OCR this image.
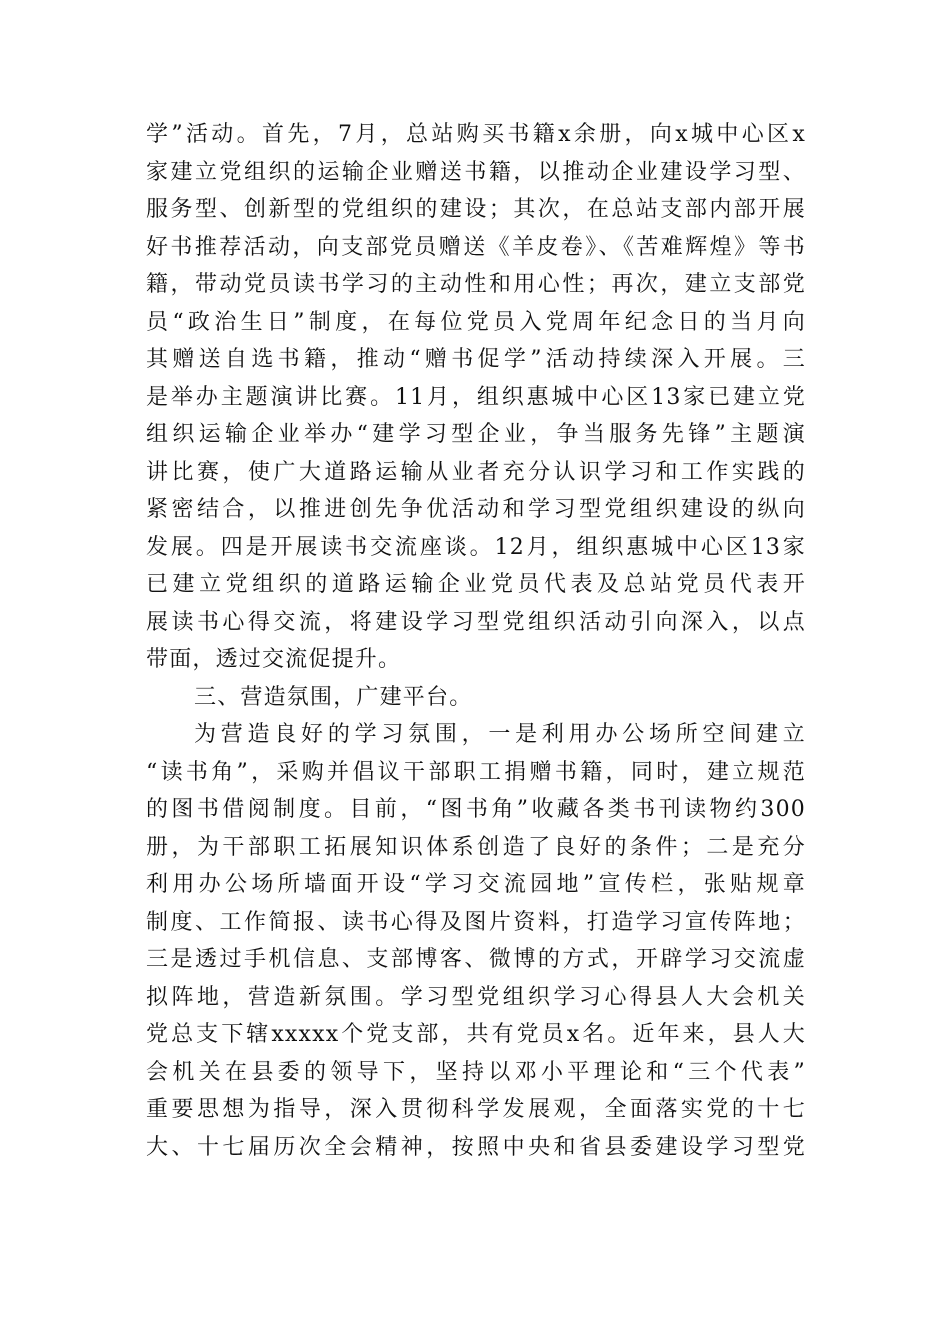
学”活动。首先，7月，总站购买书籍x余册，向x城中心区x
家建立党组织的运输企业赠送书籍，以推动企业建设学习型、
服务型、创新型的党组织的建设；其次，在总站支部内部开展
好书推荐活动，向支部党员赠送《羊皮卷》、《苦难辉煌》等书
籍，带动党员读书学习的主动性和用心性；再次，建立支部党
员“政治生日”制度，在每位党员入党周年纪念日的当月向
其赠送自选书籍，推动“赠书促学”活动持续深入开展。三
是举办主题演讲比赛。11月，组织惠城中心区13家已建立党
组织运输企业举办“建学习型企业，争当服务先锋”主题演
讲比赛，使广大道路运输从业者充分认识学习和工作实践的
紧密结合，以推进创先争优活动和学习型党组织建设的纵向
发展。四是开展读书交流座谈。12月，组织惠城中心区13家
已建立党组织的道路运输企业党员代表及总站党员代表开
展读书心得交流，将建设学习型党组织活动引向深入，以点
带面，透过交流促提升。
三、营造氛围，广建平台。
为营造良好的学习氛围，一是利用办公场所空间建立
“读书角”，采购并倡议干部职工捐赠书籍，同时，建立规范
的图书借阅制度。目前，“图书角”收藏各类书刊读物约300
册，为干部职工拓展知识体系创造了良好的条件；二是充分
利用办公场所墙面开设“学习交流园地”宣传栏，张贴规章
制度、工作简报、读书心得及图片资料，打造学习宣传阵地；
三是透过手机信息、支部博客、微博的方式，开辟学习交流虚
拟阵地，营造新氛围。学习型党组织学习心得县人大会机关
党总支下辖xxxxx个党支部，共有党员x名。近年来，县人大
会机关在县委的领导下，坚持以邓小平理论和“三个代表”
重要思想为指导，深入贯彻科学发展观，全面落实党的十七
大、十七届历次全会精神，按照中央和省县委建设学习型党
